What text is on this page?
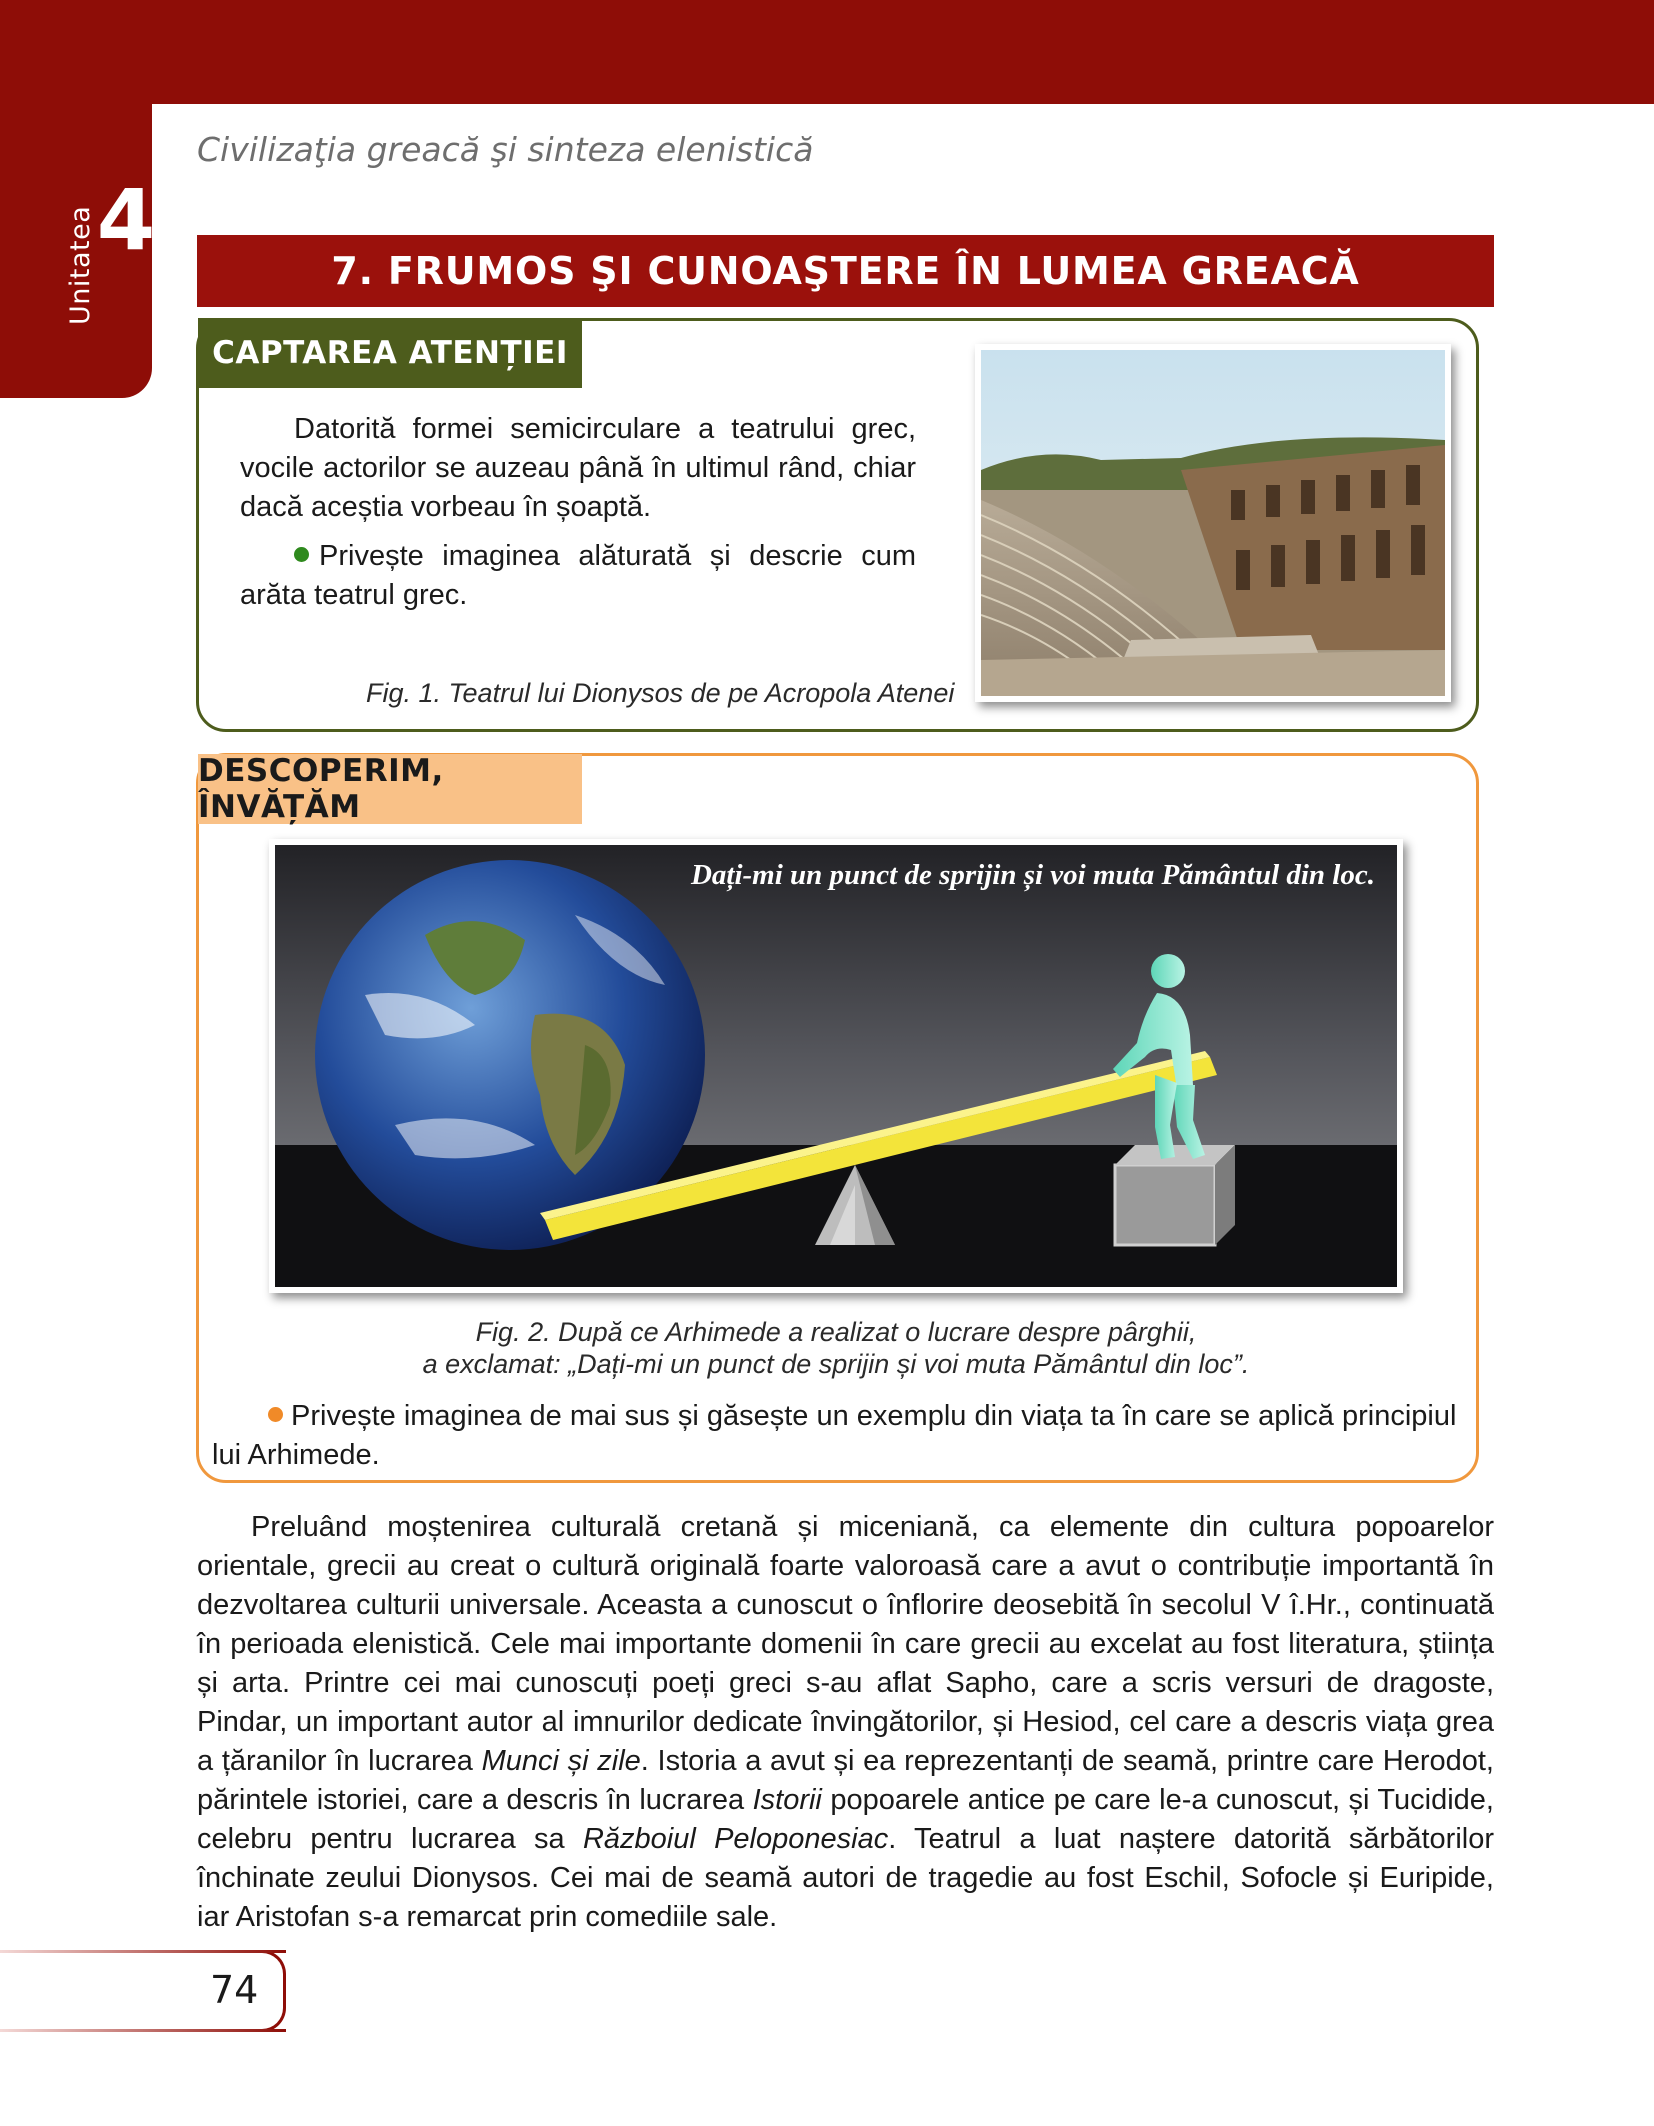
4
Unitatea
Civilizaţia greacă şi sinteza elenistică
7. FRUMOS ŞI CUNOAŞTERE ÎN LUMEA GREACĂ
CAPTAREA ATENȚIEI

Datorită formei semicirculare a teatrului grec, vocile actorilor se auzeau până în ultimul rând, chiar dacă aceștia vorbeau în șoaptă.

Privește imaginea alăturată și descrie cum arăta teatrul grec.

Fig. 1. Teatrul lui Dionysos de pe Acropola Atenei
DESCOPERIM, ÎNVĂȚĂM
Dați-mi un punct de sprijin și voi muta Pământul din loc.
Fig. 2. După ce Arhimede a realizat o lucrare despre pârghii,
a exclamat: „Dați-mi un punct de sprijin și voi muta Pământul din loc”.
Privește imaginea de mai sus și găsește un exemplu din viața ta în care se aplică principiul lui Arhimede.

Preluând moștenirea culturală cretană și miceniană, ca elemente din cultura popoarelor orientale, grecii au creat o cultură originală foarte valoroasă care a avut o contribuție importantă în dezvoltarea culturii universale. Aceasta a cunoscut o înflorire deosebită în secolul V î.Hr., continuată în perioada elenistică. Cele mai importante domenii în care grecii au excelat au fost literatura, știința și arta. Printre cei mai cunoscuți poeți greci s-au aflat Sapho, care a scris versuri de dragoste, Pindar, un important autor al imnurilor dedicate învingătorilor, și Hesiod, cel care a descris viața grea a țăranilor în lucrarea Munci și zile. Istoria a avut și ea reprezentanți de seamă, printre care Herodot, părintele istoriei, care a descris în lucrarea Istorii popoarele antice pe care le-a cunoscut, și Tucidide, celebru pentru lucrarea sa Războiul Peloponesiac. Teatrul a luat naștere datorită sărbătorilor închinate zeului Dionysos. Cei mai de seamă autori de tragedie au fost Eschil, Sofocle și Euripide, iar Aristofan s-a remarcat prin comediile sale.

74
